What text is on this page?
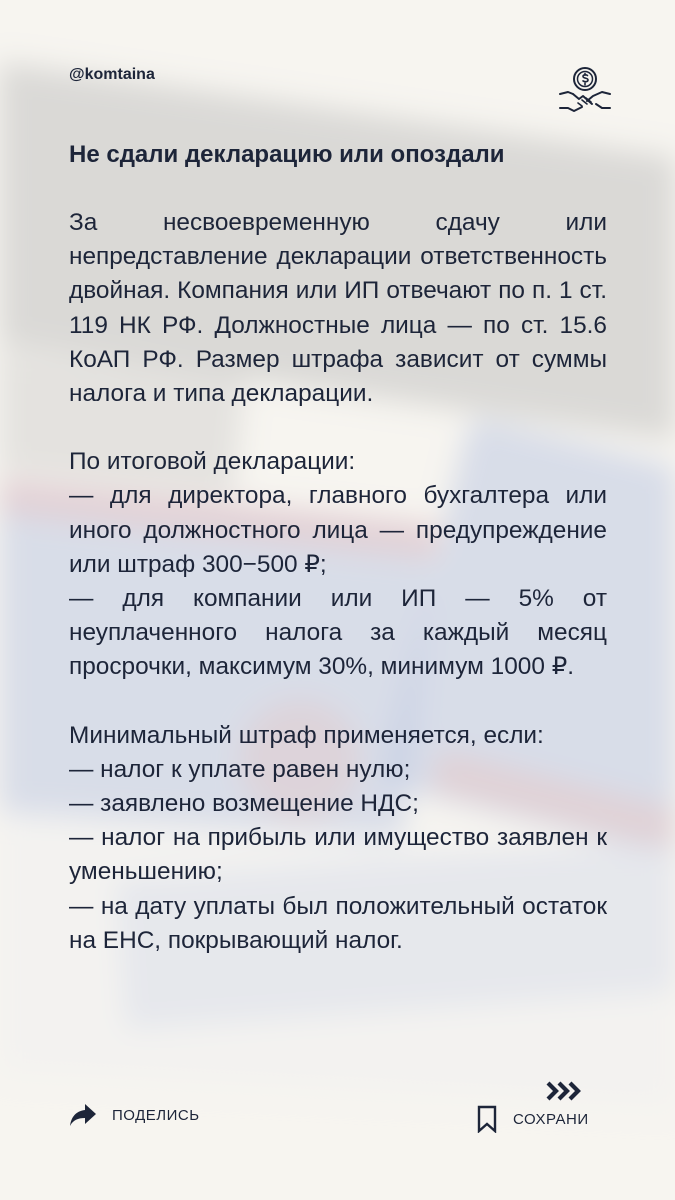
@komtaina
Не сдали декларацию или опоздали

За несвоевременную сдачу или непредставление декларации ответственность двойная. Компания или ИП отвечают по п. 1 ст. 119 НК РФ. Должностные лица — по ст. 15.6 КоАП РФ. Размер штрафа зависит от суммы налога и типа декларации.

По итоговой декларации:

— для директора, главного бухгалтера или иного должностного лица — предупреждение или штраф 300−500 ₽;

— для компании или ИП — 5% от неуплаченного налога за каждый месяц просрочки, максимум 30%, минимум 1000 ₽.

Минимальный штраф применяется, если:

— налог к уплате равен нулю;

— заявлено возмещение НДС;

— налог на прибыль или имущество заявлен к уменьшению;

— на дату уплаты был положительный остаток на ЕНС, покрывающий налог.

ПОДЕЛИСЬ	СОХРАНИ
